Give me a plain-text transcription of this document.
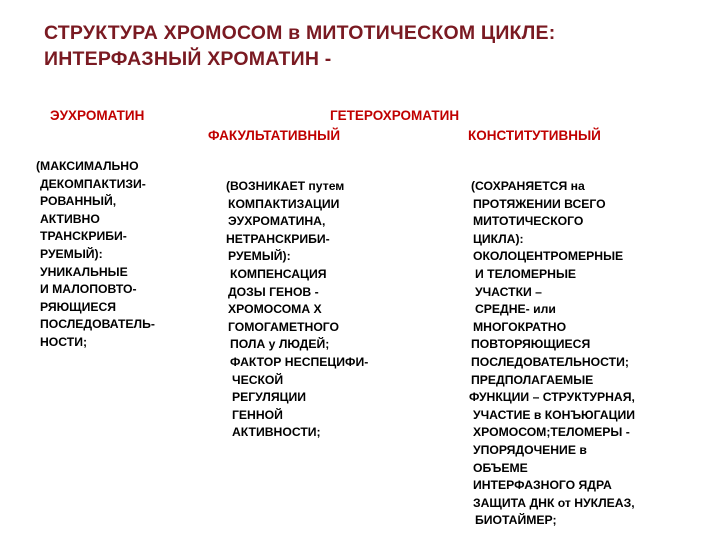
СТРУКТУРА ХРОМОСОМ в МИТОТИЧЕСКОМ ЦИКЛЕ:
ИНТЕРФАЗНЫЙ ХРОМАТИН -
ЭУХРОМАТИН	ГЕТЕРОХРОМАТИН
ФАКУЛЬТАТИВНЫЙ	КОНСТИТУТИВНЫЙ
(МАКСИМАЛЬНО
ДЕКОМПАКТИЗИ-
РОВАННЫЙ,
АКТИВНО
ТРАНСКРИБИ-
РУЕМЫЙ):
УНИКАЛЬНЫЕ
И МАЛОПОВТО-
РЯЮЩИЕСЯ
ПОСЛЕДОВАТЕЛЬ-
НОСТИ;
(ВОЗНИКАЕТ путем
КОМПАКТИЗАЦИИ
ЭУХРОМАТИНА,
НЕТРАНСКРИБИ-
РУЕМЫЙ):
КОМПЕНСАЦИЯ
ДОЗЫ ГЕНОВ -
ХРОМОСОМА Х
ГОМОГАМЕТНОГО
ПОЛА у ЛЮДЕЙ;
ФАКТОР НЕСПЕЦИФИ-
ЧЕСКОЙ
РЕГУЛЯЦИИ
ГЕННОЙ
АКТИВНОСТИ;
(СОХРАНЯЕТСЯ на
ПРОТЯЖЕНИИ ВСЕГО
МИТОТИЧЕСКОГО
ЦИКЛА):
ОКОЛОЦЕНТРОМЕРНЫЕ
И ТЕЛОМЕРНЫЕ
УЧАСТКИ –
СРЕДНЕ- или
МНОГОКРАТНО
ПОВТОРЯЮЩИЕСЯ
ПОСЛЕДОВАТЕЛЬНОСТИ;
ПРЕДПОЛАГАЕМЫЕ
ФУНКЦИИ – СТРУКТУРНАЯ,
УЧАСТИЕ в КОНЪЮГАЦИИ
ХРОМОСОМ;ТЕЛОМЕРЫ -
УПОРЯДОЧЕНИЕ в
ОБЪЕМЕ
ИНТЕРФАЗНОГО ЯДРА
ЗАЩИТА ДНК от НУКЛЕАЗ,
БИОТАЙМЕР;
